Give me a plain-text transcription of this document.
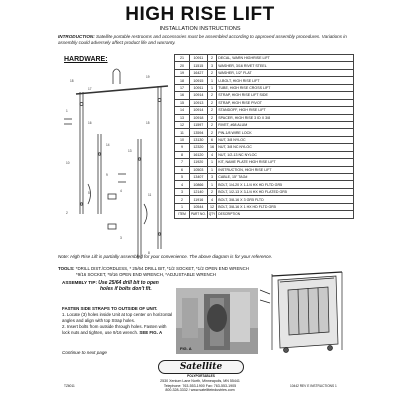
HIGH RISE LIFT
INSTALLATION INSTRUCTIONS
INTRODUCTION: Satellite portable restrooms and accessories must be assembled according to approved assembly procedures. Variations in assembly could adversely affect product life and warranty.
HARDWARE:
18
17
19
1
16	15
14
13
10
9
5	4
11
2
3
8
21	10911	2	DECAL, WARN HIGHRISE LIFT
20	11515	3	WASHER, 3/16 RIVET STEEL
19	16427	2	WASHER, 1/2" FLAT
18	10915	1	U-BOLT, HIGH RISE LIFT
17	10911	1	TUBE, HIGH RISE CROSS LIFT
16	10914	2	STRAP, HIGH RISE LIFT SIDE
15	10913	2	STRAP, HIGH RISE PIVOT
14	10914	2	STANDOFF, HIGH RISE LIFT
13	10918	2	SPACER, HIGH RISE 3 ID X 3/8
12	11597	2	RIVET, #68 ALUM
11	13594	2	PIN-1/8 WIRE LOCK
10	13130	6	NUT, 3/8 NYLOC
9	12320	16	NUT, 3/8 NC NYLOC
8	16120	4	NUT, 1/2-13 NC NYLOC
7	11920	1	KIT, NAME PLATE HIGH RISE LIFT
6	10503	1	INSTRUCTION, HIGH RISE LIFT
5	13407	3	CABLE, 15" TAG#
4	10866	1	BOLT, 1/4-20 X 1-1/4 HX HD FLTD GR5
3	12140	2	BOLT, 1/2-13 X 3-1/4 HX HD FLATED GR5
2	11916	4	BOLT, 3/8-16 X 3 GR5 FLTD
1	10544	12	BOLT, 3/8-16 X 1 HX HD FLTD GR5
ITEM	PART NO.	QTY	DESCRIPTION
Note: High Rise Lift is partially assembled for your convenience. The above diagram is for your reference.
TOOLS: *DRILL DIST./CORDLESS, * 25/64 DRILL BIT, *1/2 SOCKET, *1/2 OPEN END WRENCH
*9/16 SOCKET, *9/16 OPEN END WRENCH, *ADJUSTABLE WRENCH
ASSEMBLY TIP: Use 25/64 drill bit to open
holes if bolts don't fit.
FASTEN SIDE STRAPS TO OUTSIDE OF UNIT.
1. Locate (3) holes inside Unit at top center on horizontal angles and align with top Strap holes.
2. Insert bolts from outside through holes. Fasten with lock nuts and tighten, use 9/16 wrench. SEE FIG. A
Continue to next page
FIG. A
Satellite
POLYPORTABLES
2530 Xenium Lane North, Minneapolis, MN 55441
Telephone: 763-553-1900 Fax: 763-553-1905
800-328-3332 / www.satelliteindustries.com
TZ6011	10442 REV E INSTRUCTIONS 1
